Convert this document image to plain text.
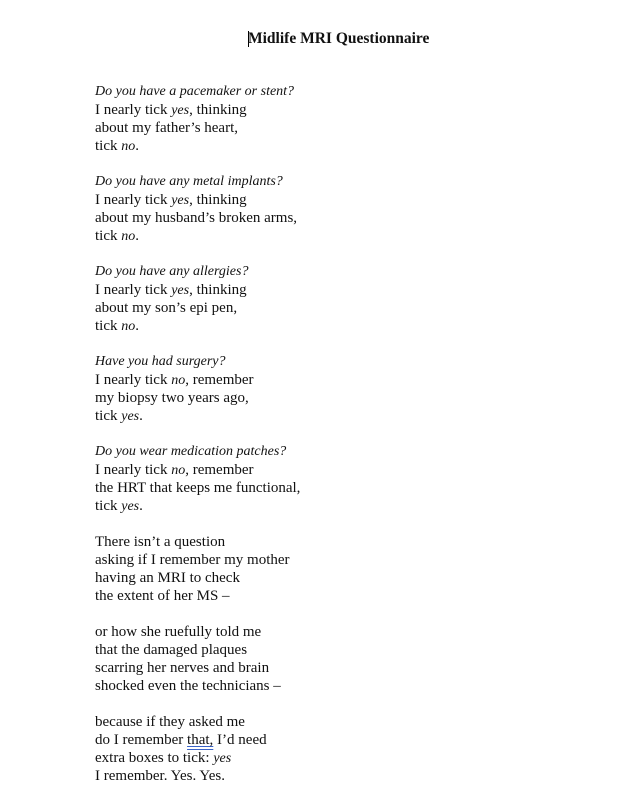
Midlife MRI Questionnaire
Do you have a pacemaker or stent?
I nearly tick yes, thinking
about my father’s heart,
tick no.
Do you have any metal implants?
I nearly tick yes, thinking
about my husband’s broken arms,
tick no.
Do you have any allergies?
I nearly tick yes, thinking
about my son’s epi pen,
tick no.
Have you had surgery?
I nearly tick no, remember
my biopsy two years ago,
tick yes.
Do you wear medication patches?
I nearly tick no, remember
the HRT that keeps me functional,
tick yes.
There isn’t a question
asking if I remember my mother
having an MRI to check
the extent of her MS –
or how she ruefully told me
that the damaged plaques
scarring her nerves and brain
shocked even the technicians –
because if they asked me
do I remember that, I’d need
extra boxes to tick: yes
I remember. Yes. Yes.
